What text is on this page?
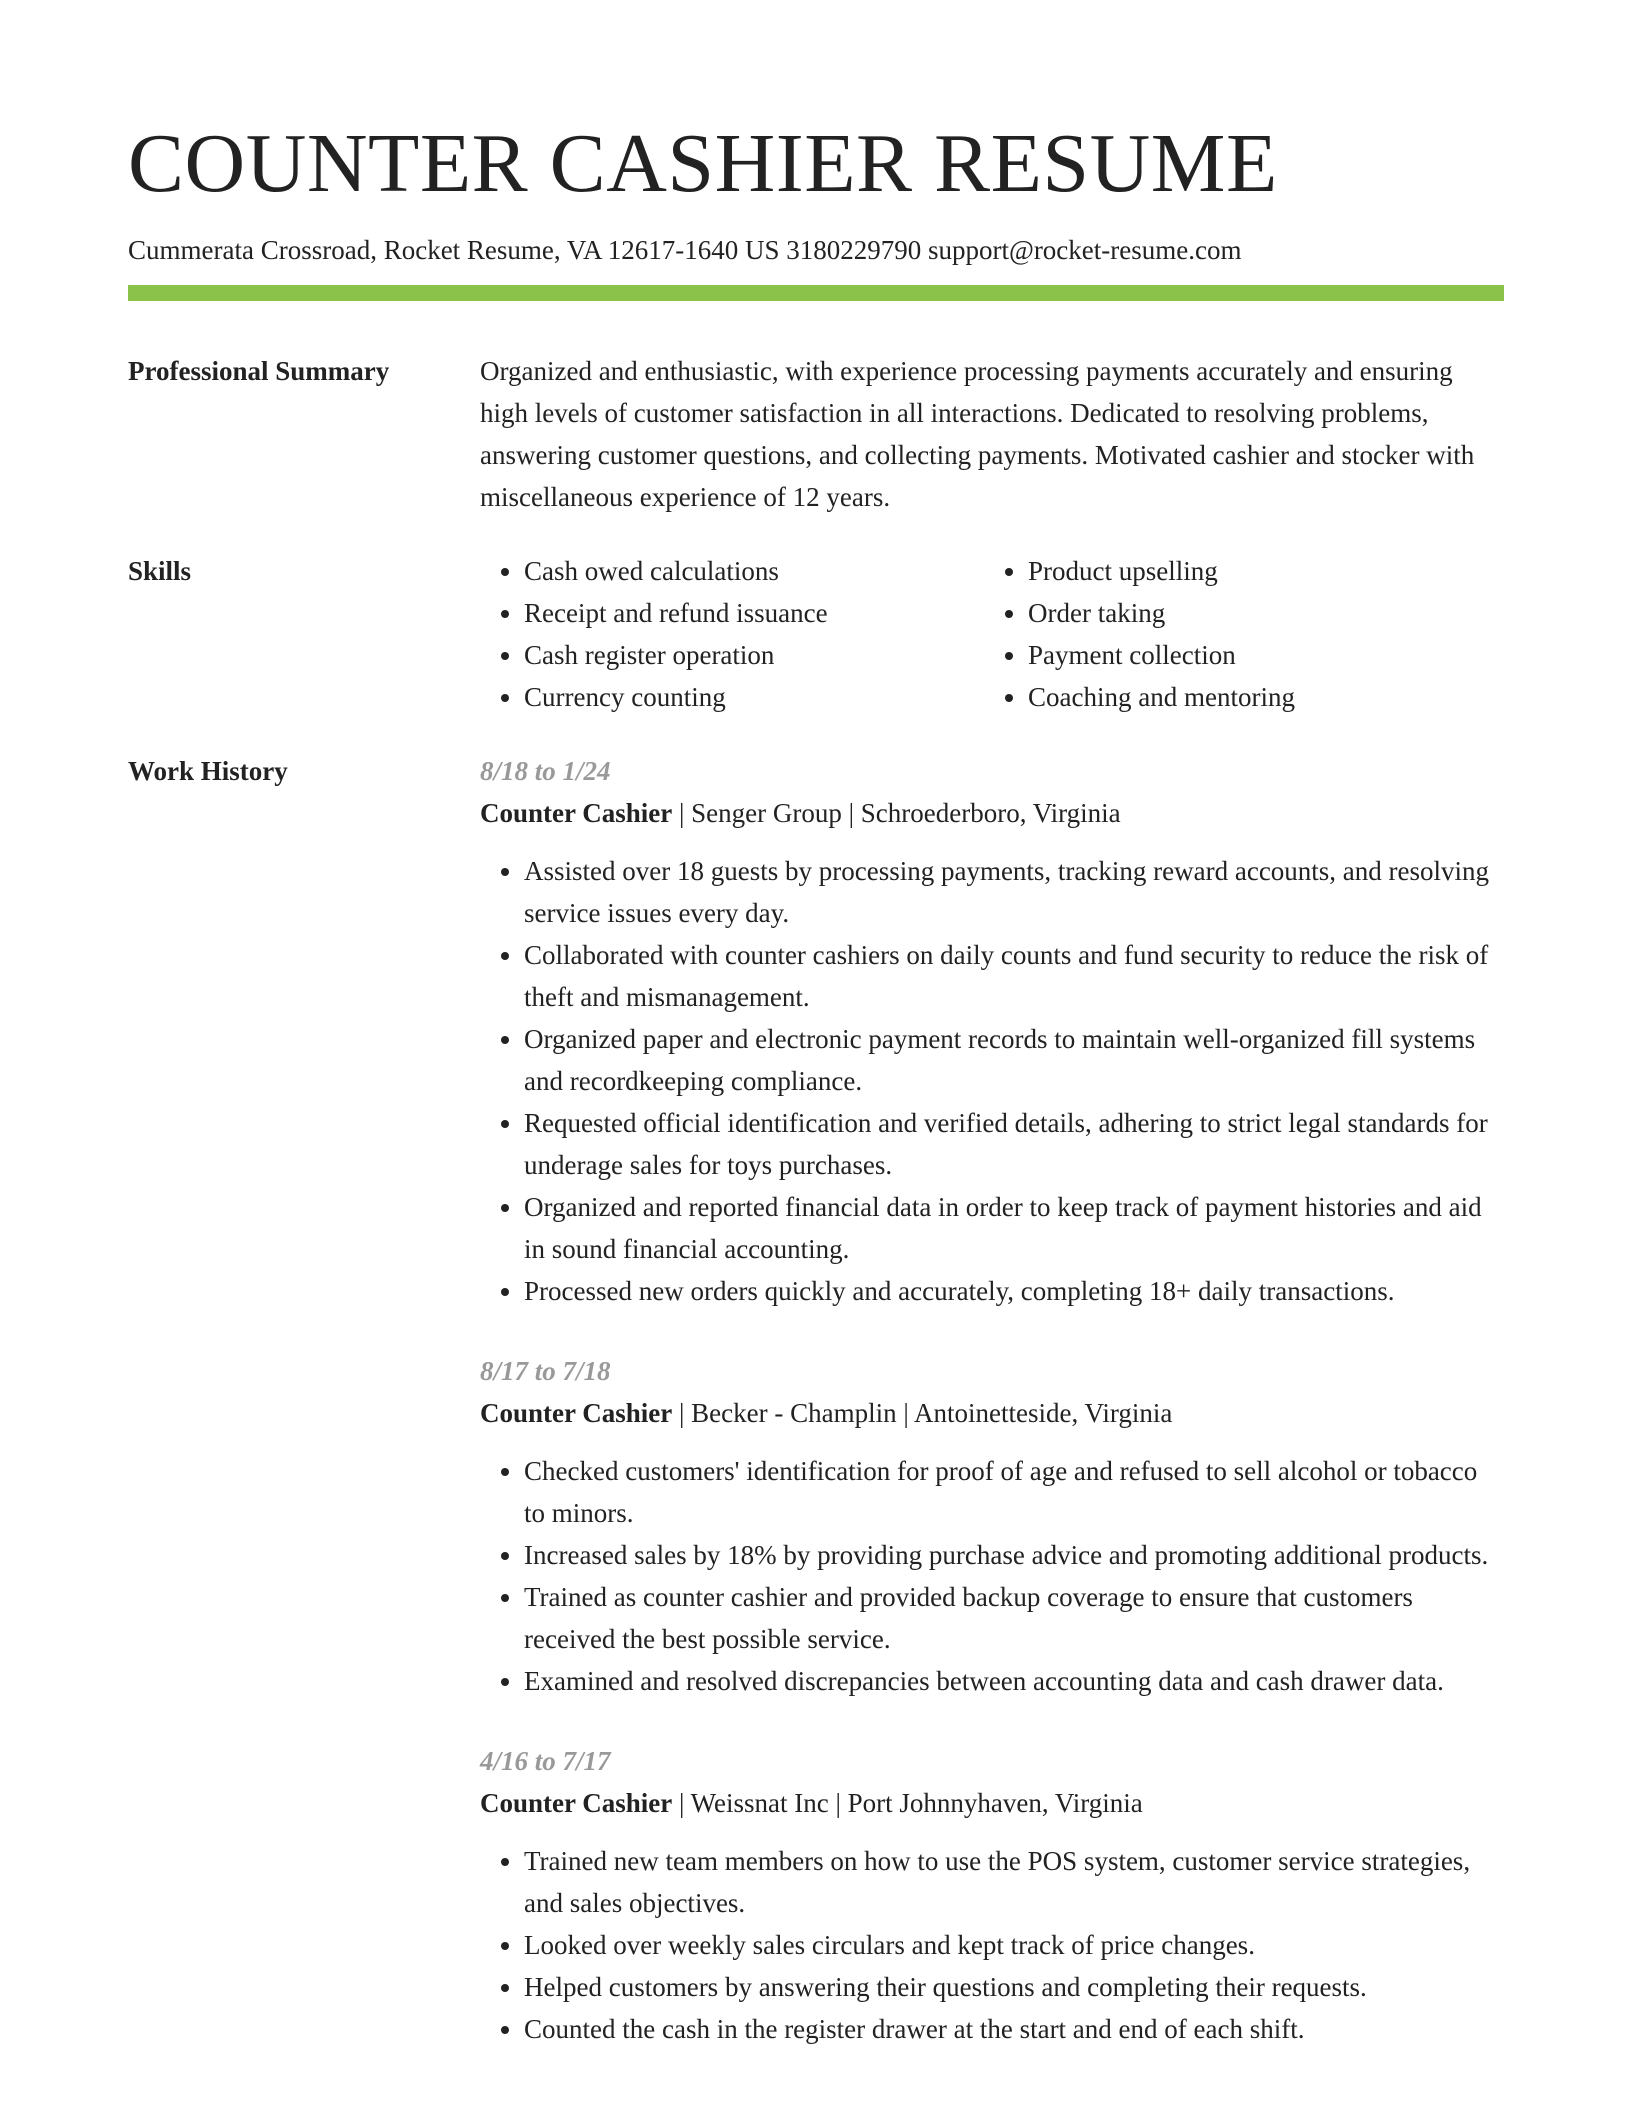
COUNTER CASHIER RESUME
Cummerata Crossroad, Rocket Resume, VA 12617-1640 US 3180229790 support@rocket-resume.com
Professional Summary	Organized and enthusiastic, with experience processing payments accurately and ensuring high levels of customer satisfaction in all interactions. Dedicated to resolving problems, answering customer questions, and collecting payments. Motivated cashier and stocker with miscellaneous experience of 12 years.

Skills
•	Cash owed calculations
• Receipt and refund issuance
• Cash register operation
• Currency counting
• Product upselling
• Order taking
• Payment collection
• Coaching and mentoring
Work History	8/18 to 1/24
Counter Cashier | Senger Group | Schroederboro, Virginia
• Assisted over 18 guests by processing payments, tracking reward accounts, and resolving service issues every day.
• Collaborated with counter cashiers on daily counts and fund security to reduce the risk of theft and mismanagement.
• Organized paper and electronic payment records to maintain well-organized fill systems and recordkeeping compliance.
• Requested official identification and verified details, adhering to strict legal standards for underage sales for toys purchases.
• Organized and reported financial data in order to keep track of payment histories and aid in sound financial accounting.
• Processed new orders quickly and accurately, completing 18+ daily transactions.
8/17 to 7/18
Counter Cashier | Becker - Champlin | Antoinetteside, Virginia
• Checked customers' identification for proof of age and refused to sell alcohol or tobacco to minors.
• Increased sales by 18% by providing purchase advice and promoting additional products.
• Trained as counter cashier and provided backup coverage to ensure that customers received the best possible service.
• Examined and resolved discrepancies between accounting data and cash drawer data.
4/16 to 7/17
Counter Cashier | Weissnat Inc | Port Johnnyhaven, Virginia
• Trained new team members on how to use the POS system, customer service strategies, and sales objectives.
• Looked over weekly sales circulars and kept track of price changes.
• Helped customers by answering their questions and completing their requests.
• Counted the cash in the register drawer at the start and end of each shift.
